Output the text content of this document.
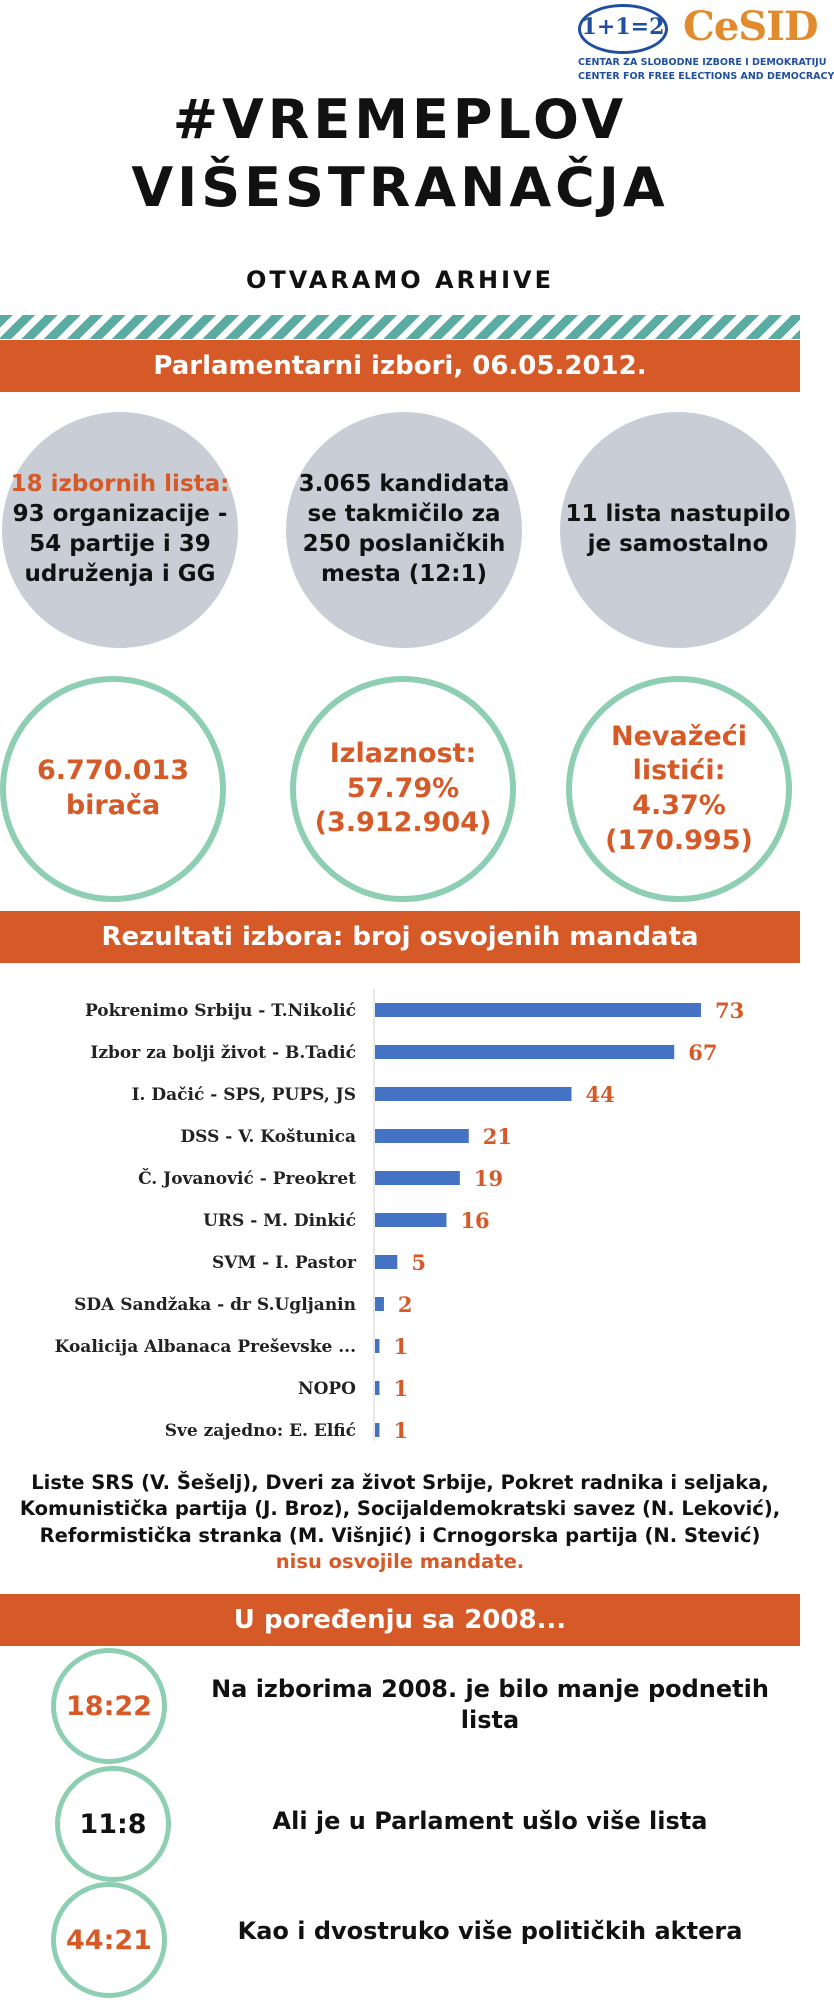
1+1=2 CeSID
CENTAR ZA SLOBODNE IZBORE I DEMOKRATIJU
CENTER FOR FREE ELECTIONS AND DEMOCRACY
#VREMEPLOV
VIŠESTRANAČJA
OTVARAMO ARHIVE
Parlamentarni izbori, 06.05.2012.
18 izbornih lista:
93 organizacije -
54 partije i 39
udruženja i GG
3.065 kandidata
se takmičilo za
250 poslaničkih
mesta (12:1)
11 lista nastupilo
je samostalno
6.770.013
birača
Izlaznost:
57.79%
(3.912.904)
Nevažeći listići:
4.37%
(170.995)
Rezultati izbora: broj osvojenih mandata
Pokrenimo Srbiju - T.Nikolić	73
Izbor za bolji život - B.Tadić	67
I. Dačić - SPS, PUPS, JS	44
DSS - V. Koštunica	21
Č. Jovanović - Preokret	19
URS - M. Dinkić	16
SVM - I. Pastor	5
SDA Sandžaka - dr S.Ugljanin 2
Koalicija Albanaca Preševske ... 1
NOPO 1
Sve zajedno: E. Elfić 1
Liste SRS (V. Šešelj), Dveri za život Srbije, Pokret radnika i seljaka,
Komunistička partija (J. Broz), Socijaldemokratski savez (N. Leković),
Reformistička stranka (M. Višnjić) i Crnogorska partija (N. Stević)
nisu osvojile mandate.
U poređenju sa 2008...
18:22
Na izborima 2008. je bilo manje podnetih
lista
11:8	Ali je u Parlament ušlo više lista
44:21	Kao i dvostruko više političkih aktera
